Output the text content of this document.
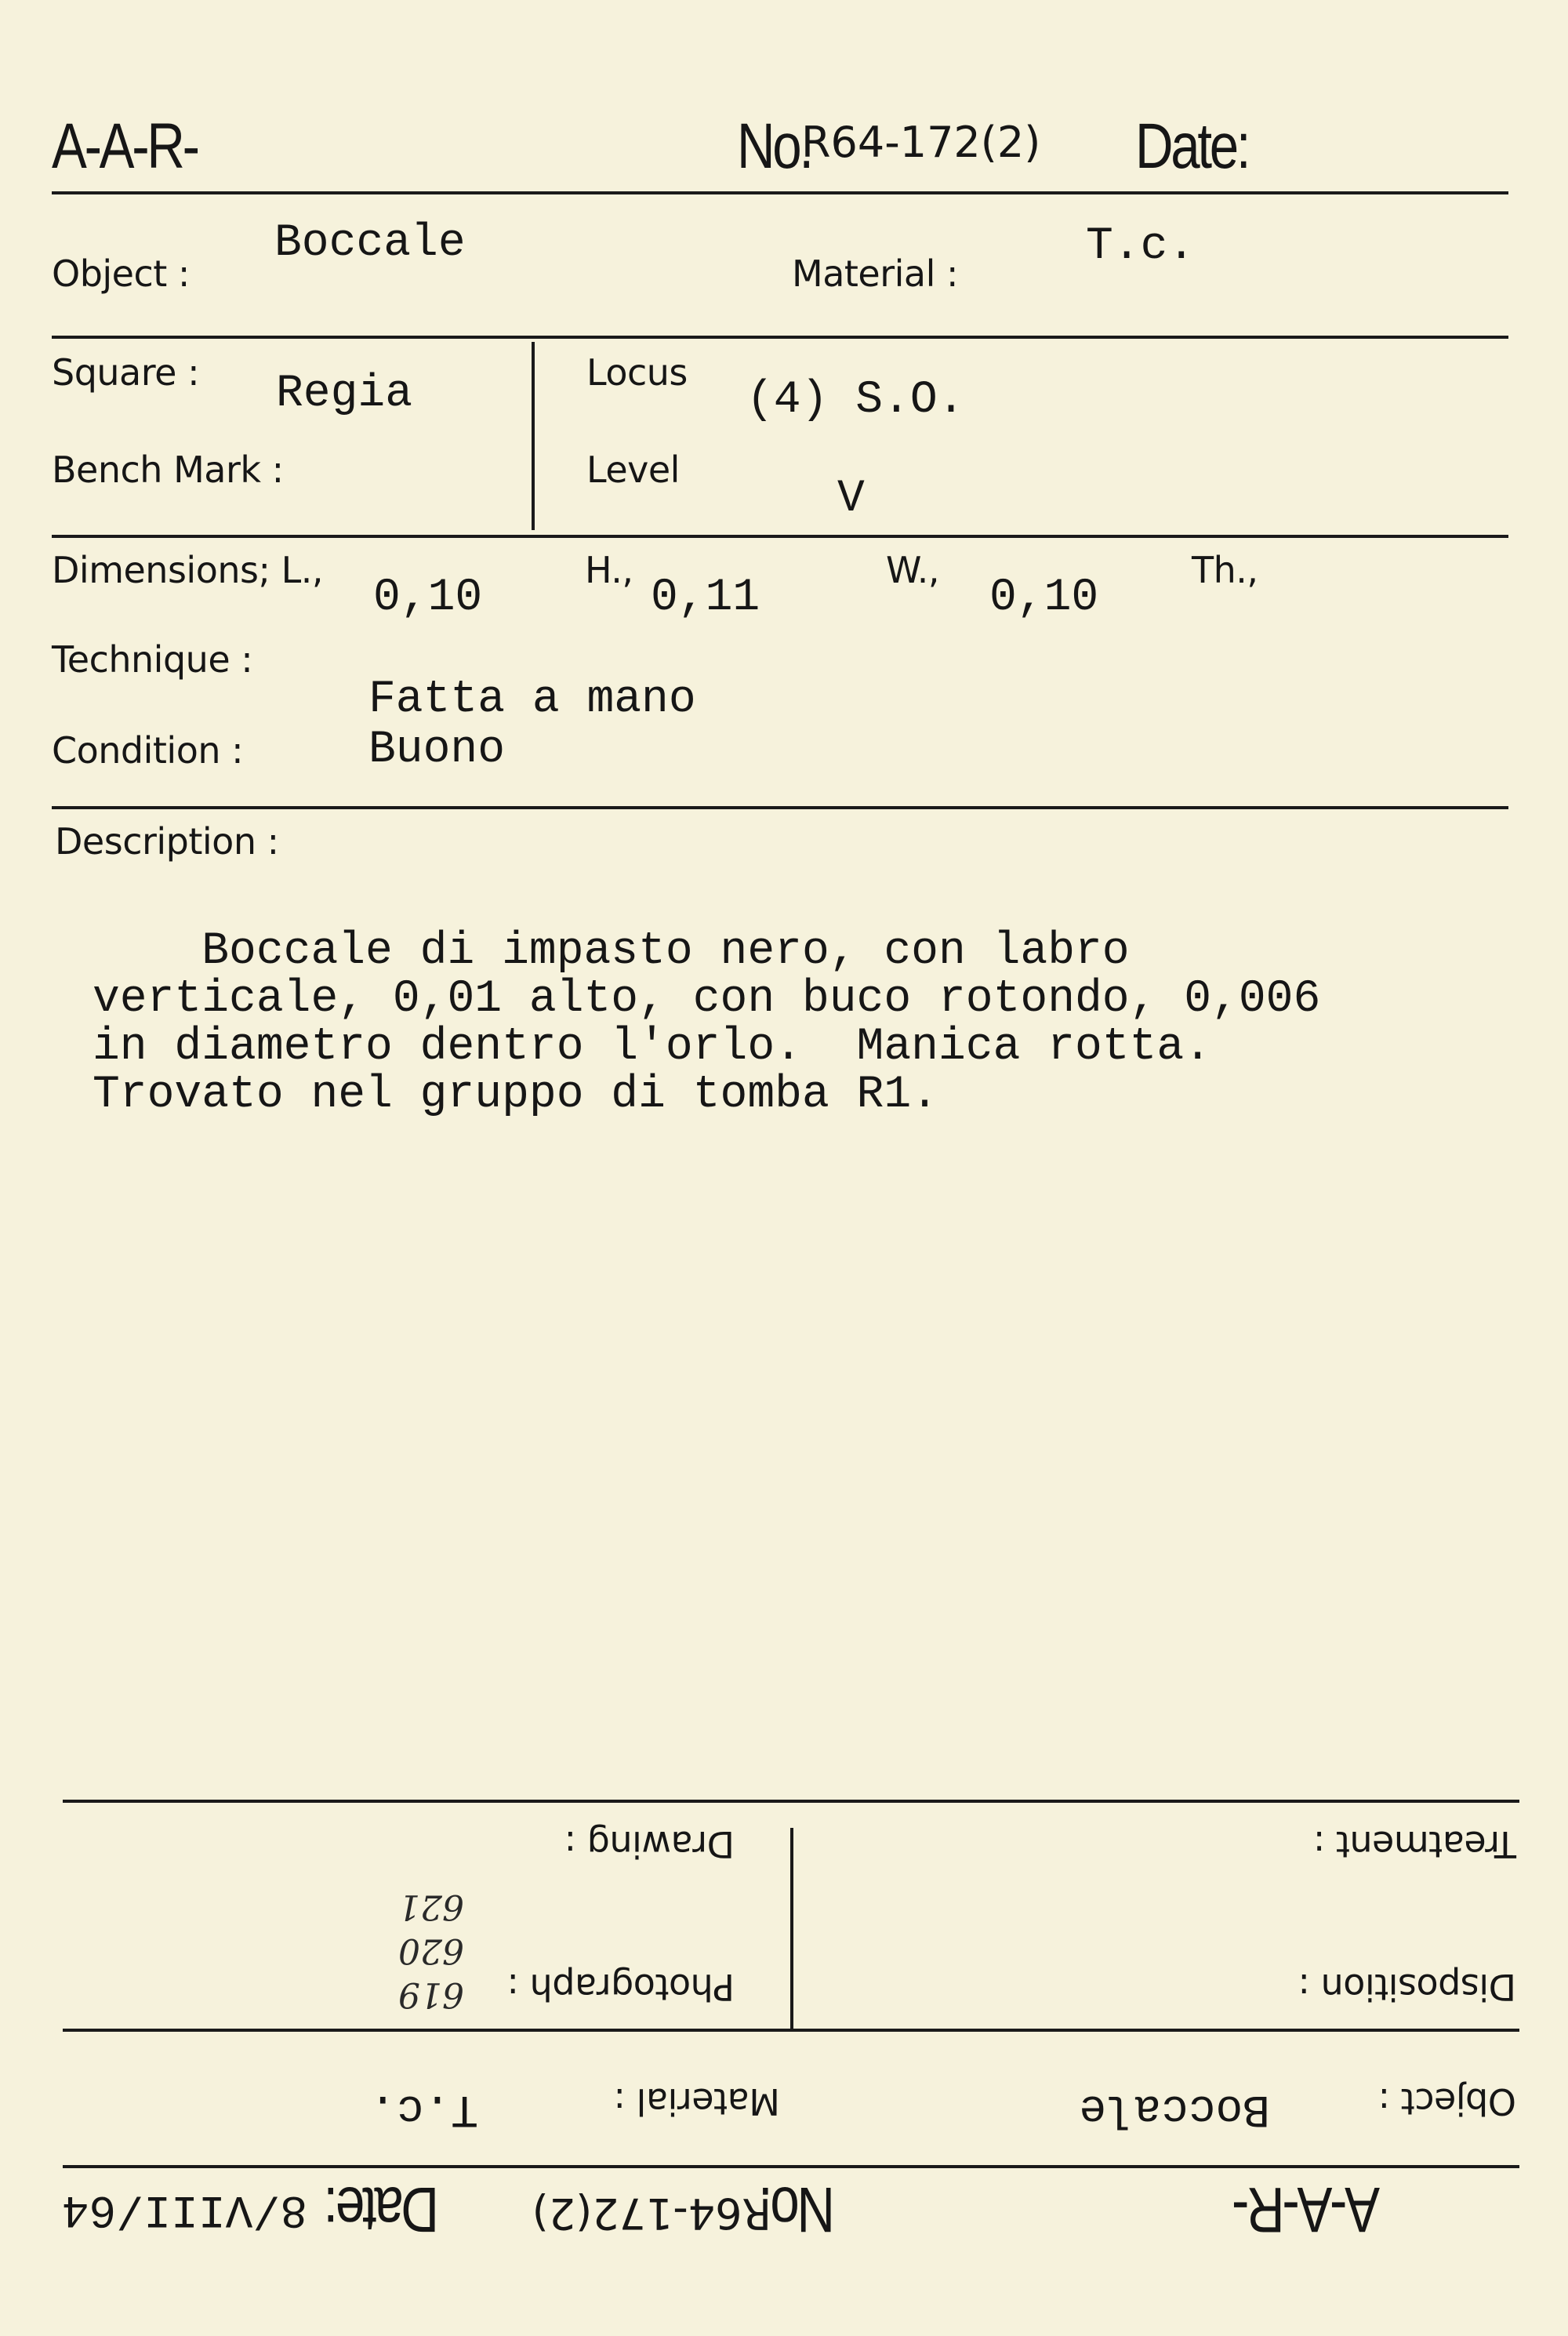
A-A-R-	No.
R64-172(2) Date:
Object :
Boccale
Material :
T.c.
Square : Regia
Bench Mark :
Locus
(4) S.O.
Level
V
Dimensions; L.,
0,10
H.,
0,11
W.,
0,10
Th.,
Technique :
Fatta a mano
Condition :	Buono
Description :

Boccale di impasto nero, con labro
verticale, 0,01 alto, con buco rotondo, 0,006
in diametro dentro l'orlo.  Manica rotta.
Trovato nel gruppo di tomba R1.
A-A-R-
No.
R64-172(2)
Date:
8/VIII/64
Object :
Boccale
Material :
T.c.
Disposition :
Photograph :
619
620
621
Treatment :
Drawing :
